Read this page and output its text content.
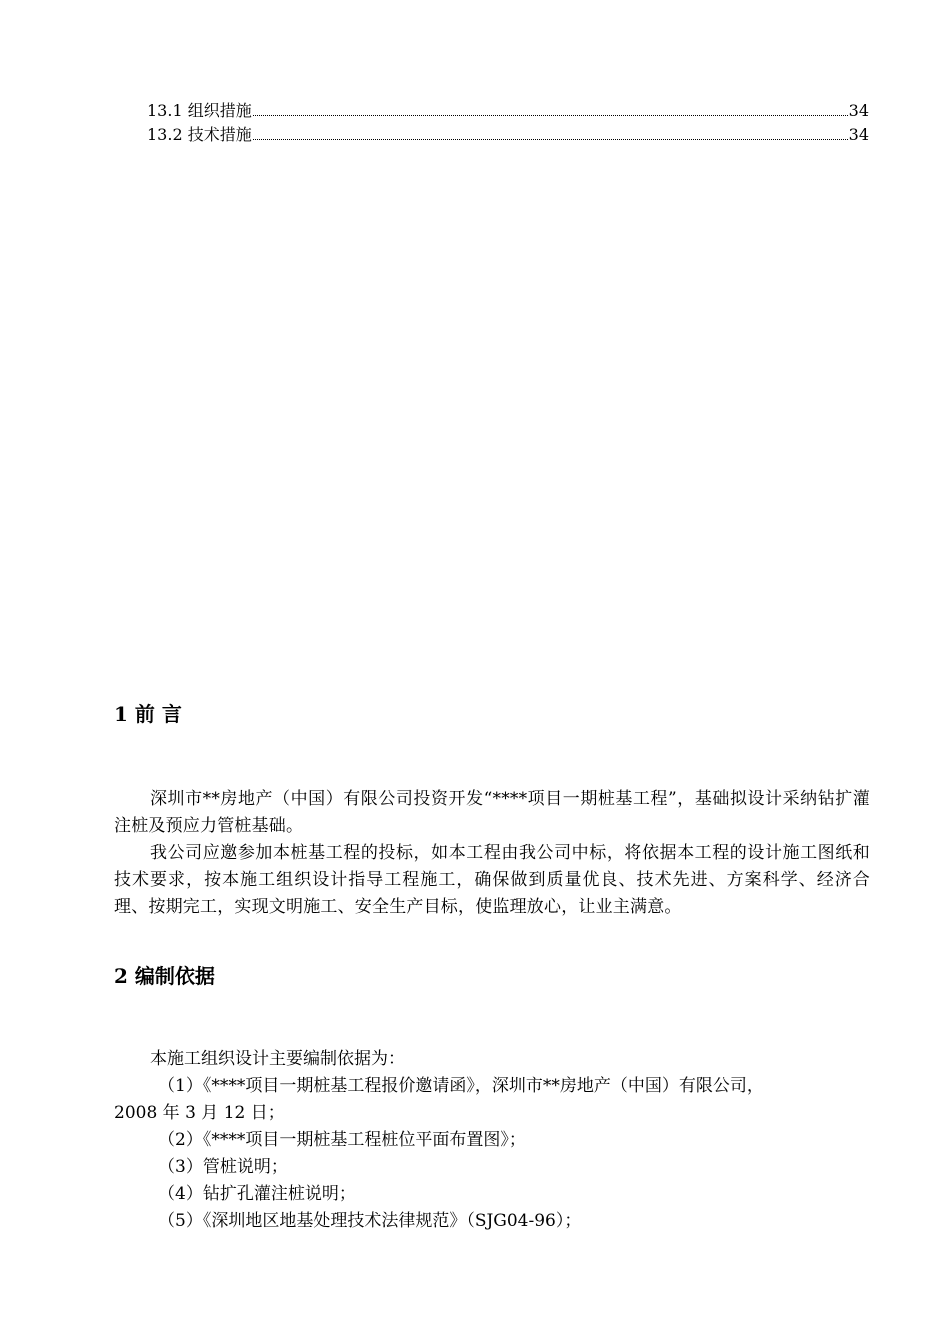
13.1 组织措施	34
13.2 技术措施	34
1 前 言

深圳市**房地产（中国）有限公司投资开发“****项目一期桩基工程”，基础拟设计采纳钻扩灌注桩及预应力管桩基础。

我公司应邀参加本桩基工程的投标，如本工程由我公司中标，将依据本工程的设计施工图纸和技术要求，按本施工组织设计指导工程施工，确保做到质量优良、技术先进、方案科学、经济合理、按期完工，实现文明施工、安全生产目标，使监理放心，让业主满意。

2 编制依据

本施工组织设计主要编制依据为：

（1）《****项目一期桩基工程报价邀请函》，深圳市**房地产（中国）有限公司，

2008 年 3 月 12 日；

（2）《****项目一期桩基工程桩位平面布置图》；

（3）管桩说明；

（4）钻扩孔灌注桩说明；

（5）《深圳地区地基处理技术法律规范》（SJG04-96）；
